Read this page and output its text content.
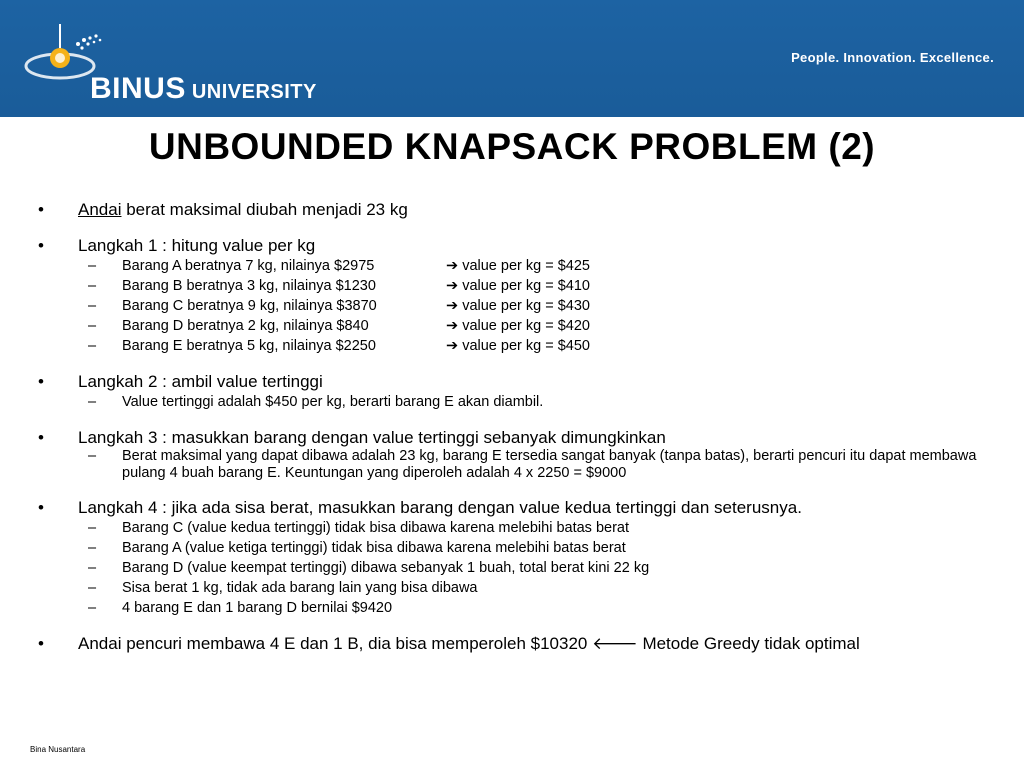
BINUS UNIVERSITY
People. Innovation. Excellence.
UNBOUNDED KNAPSACK PROBLEM (2)
• Andai berat maksimal diubah menjadi 23 kg
• Langkah 1 : hitung value per kg
– Barang A beratnya 7 kg, nilainya $2975	➔ value per kg = $425
– Barang B beratnya 3 kg, nilainya $1230	➔ value per kg = $410
– Barang C beratnya 9 kg, nilainya $3870	➔ value per kg = $430
– Barang D beratnya 2 kg, nilainya $840	➔ value per kg = $420
– Barang E beratnya 5 kg, nilainya $2250	➔ value per kg = $450
• Langkah 2 : ambil value tertinggi
– Value tertinggi adalah $450 per kg, berarti barang E akan diambil.
• Langkah 3 : masukkan barang dengan value tertinggi sebanyak dimungkinkan
– Berat maksimal yang dapat dibawa adalah 23 kg, barang E tersedia sangat banyak (tanpa batas), berarti pencuri itu dapat membawa pulang 4 buah barang E. Keuntungan yang diperoleh adalah 4 x 2250 = $9000
• Langkah 4 : jika ada sisa berat, masukkan barang dengan value kedua tertinggi dan seterusnya.
– Barang C (value kedua tertinggi) tidak bisa dibawa karena melebihi batas berat
– Barang A (value ketiga tertinggi) tidak bisa dibawa karena melebihi batas berat
– Barang D (value keempat tertinggi) dibawa sebanyak 1 buah, total berat kini 22 kg
– Sisa berat 1 kg, tidak ada barang lain yang bisa dibawa
– 4 barang E dan 1 barang D bernilai $9420
• Andai pencuri membawa 4 E dan 1 B, dia bisa memperoleh $10320 🡐 Metode Greedy tidak optimal
Bina Nusantara
